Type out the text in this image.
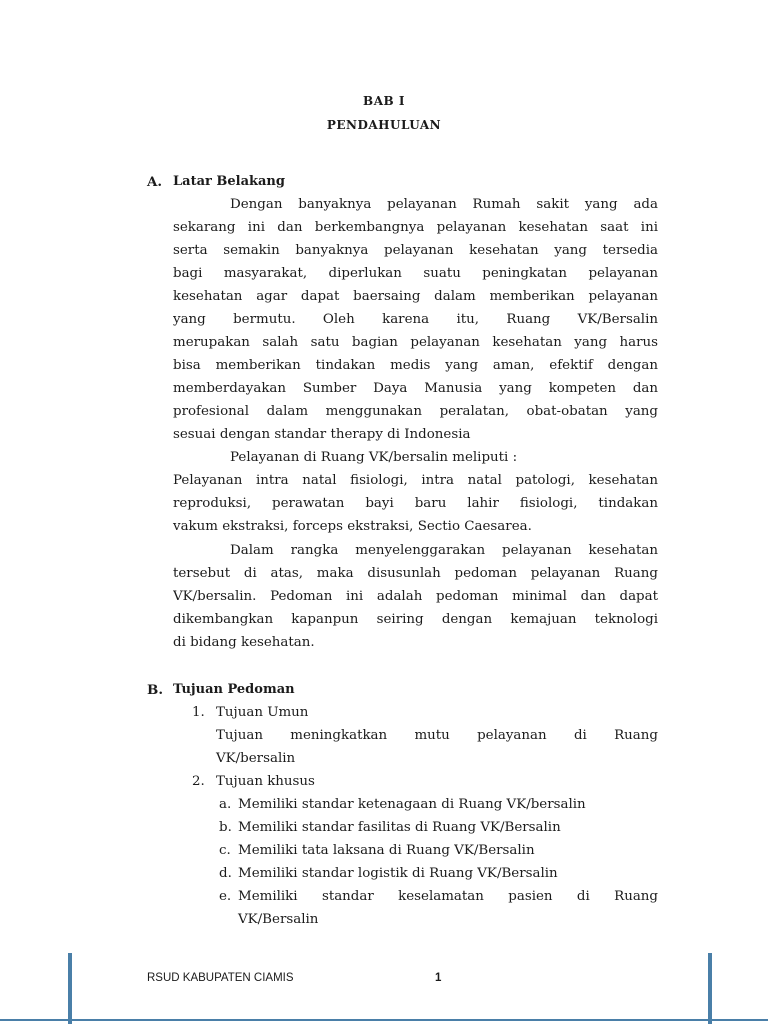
BAB I
PENDAHULUAN
A. Latar Belakang
Dengan banyaknya pelayanan Rumah sakit yang ada
sekarang ini dan berkembangnya pelayanan kesehatan saat ini
serta semakin banyaknya pelayanan kesehatan yang tersedia
bagi masyarakat, diperlukan suatu peningkatan pelayanan
kesehatan agar dapat baersaing dalam memberikan pelayanan
yang bermutu. Oleh karena itu, Ruang VK/Bersalin
merupakan salah satu bagian pelayanan kesehatan yang harus
bisa memberikan tindakan medis yang aman, efektif dengan
memberdayakan Sumber Daya Manusia yang kompeten dan
profesional dalam menggunakan peralatan, obat-obatan yang
sesuai dengan standar therapy di Indonesia
Pelayanan di Ruang VK/bersalin meliputi :
Pelayanan intra natal fisiologi, intra natal patologi, kesehatan
reproduksi, perawatan bayi baru lahir fisiologi, tindakan
vakum ekstraksi, forceps ekstraksi, Sectio Caesarea.
Dalam rangka menyelenggarakan pelayanan kesehatan
tersebut di atas, maka disusunlah pedoman pelayanan Ruang
VK/bersalin. Pedoman ini adalah pedoman minimal dan dapat
dikembangkan kapanpun seiring dengan kemajuan teknologi
di bidang kesehatan.
B. Tujuan Pedoman
1. Tujuan Umun
Tujuan meningkatkan mutu pelayanan di Ruang
VK/bersalin
2. Tujuan khusus
a. Memiliki standar ketenagaan di Ruang VK/bersalin
b. Memiliki standar fasilitas di Ruang VK/Bersalin
c. Memiliki tata laksana di Ruang VK/Bersalin
d. Memiliki standar logistik di Ruang VK/Bersalin
e. Memiliki standar keselamatan pasien di Ruang
VK/Bersalin
RSUD KABUPATEN CIAMIS	1
